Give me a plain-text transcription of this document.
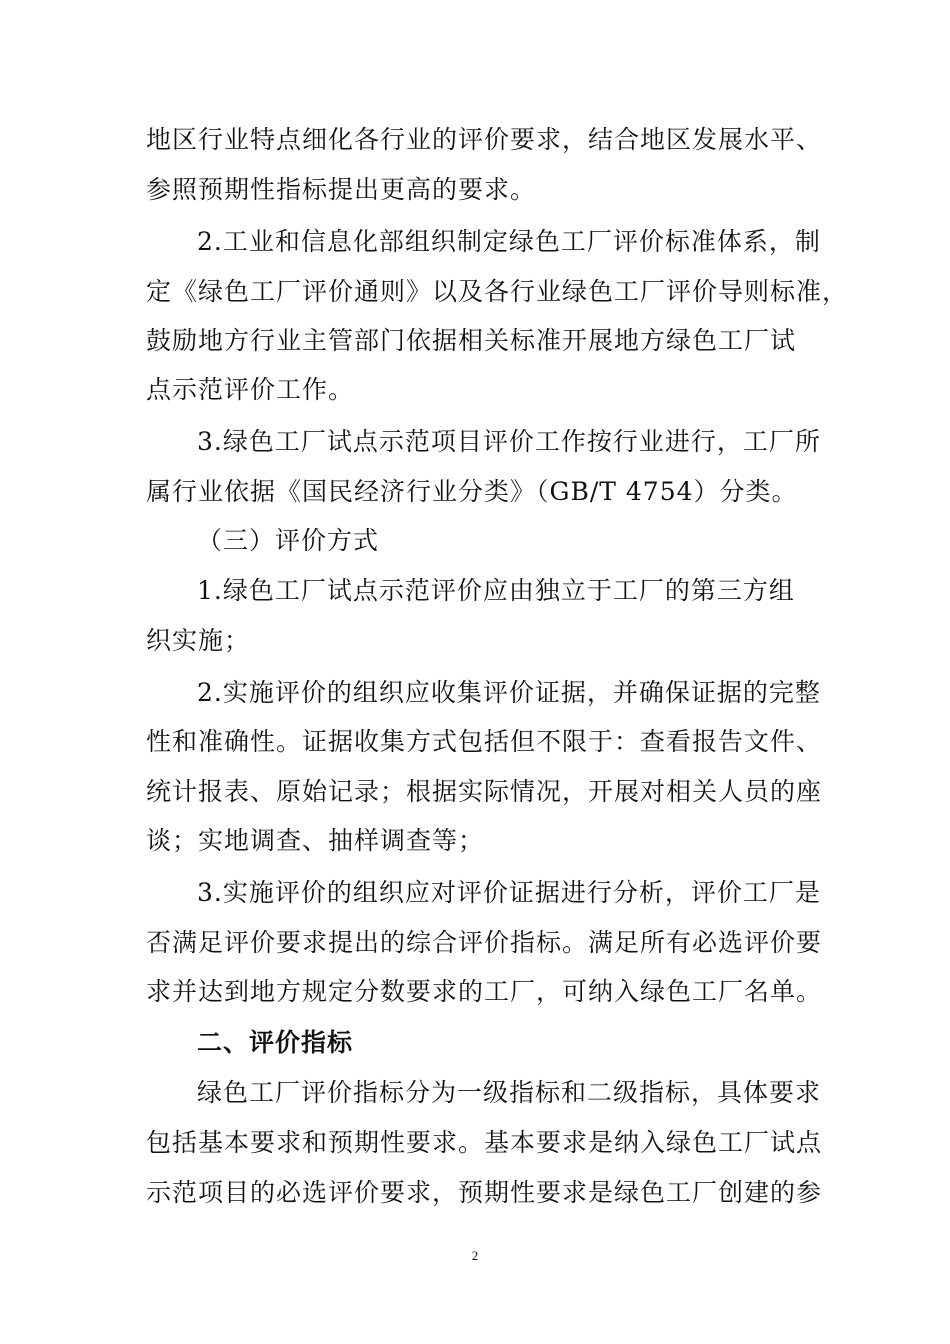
地区行业特点细化各行业的评价要求，结合地区发展水平、
参照预期性指标提出更高的要求。
2.工业和信息化部组织制定绿色工厂评价标准体系，制
定《绿色工厂评价通则》以及各行业绿色工厂评价导则标准，
鼓励地方行业主管部门依据相关标准开展地方绿色工厂试
点示范评价工作。
3.绿色工厂试点示范项目评价工作按行业进行，工厂所
属行业依据《国民经济行业分类》（GB/T 4754）分类。
（三）评价方式
1.绿色工厂试点示范评价应由独立于工厂的第三方组
织实施；
2.实施评价的组织应收集评价证据，并确保证据的完整
性和准确性。证据收集方式包括但不限于：查看报告文件、
统计报表、原始记录；根据实际情况，开展对相关人员的座
谈；实地调查、抽样调查等；
3.实施评价的组织应对评价证据进行分析，评价工厂是
否满足评价要求提出的综合评价指标。满足所有必选评价要
求并达到地方规定分数要求的工厂，可纳入绿色工厂名单。
二、评价指标
绿色工厂评价指标分为一级指标和二级指标，具体要求
包括基本要求和预期性要求。基本要求是纳入绿色工厂试点
示范项目的必选评价要求，预期性要求是绿色工厂创建的参
2
